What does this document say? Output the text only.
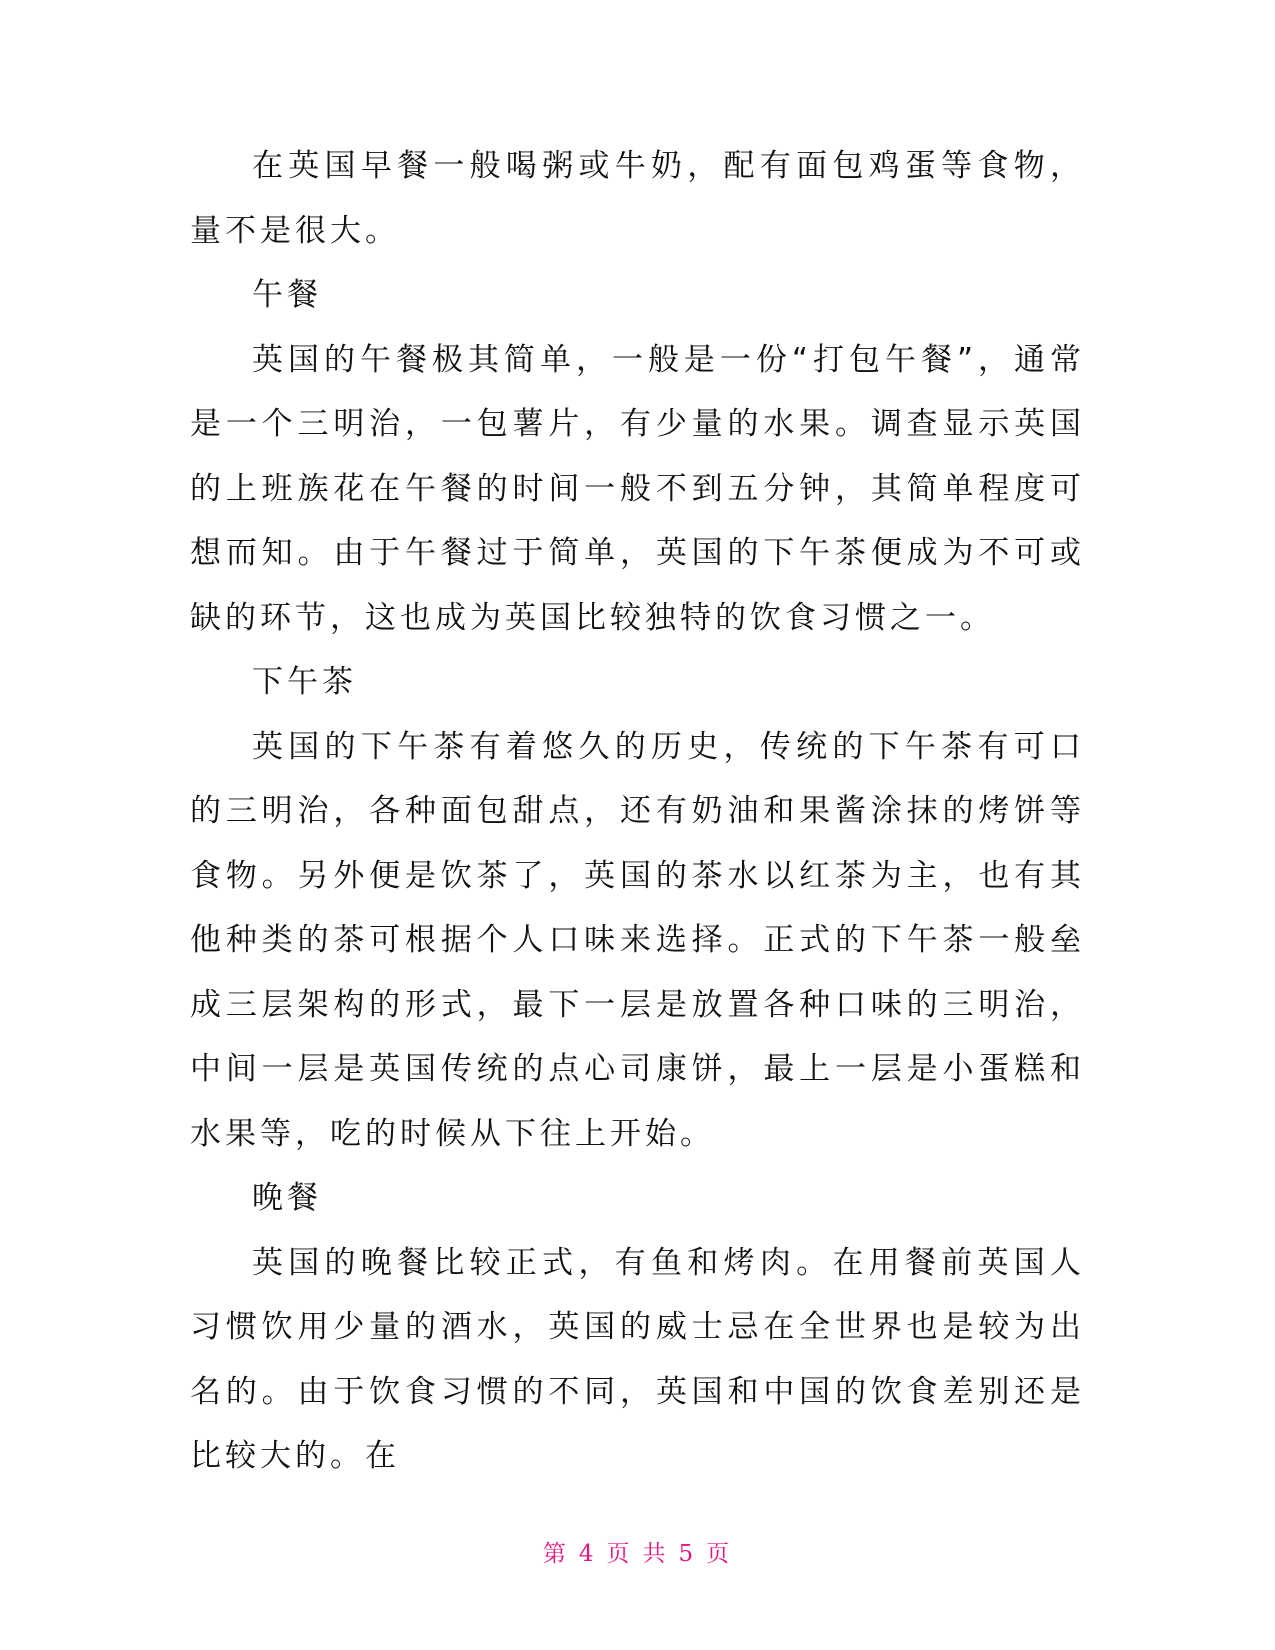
在英国早餐一般喝粥或牛奶，配有面包鸡蛋等食物，量不是很大。

午餐

英国的午餐极其简单，一般是一份“打包午餐”，通常是一个三明治，一包薯片，有少量的水果。调查显示英国的上班族花在午餐的时间一般不到五分钟，其简单程度可想而知。由于午餐过于简单，英国的下午茶便成为不可或缺的环节，这也成为英国比较独特的饮食习惯之一。

下午茶

英国的下午茶有着悠久的历史，传统的下午茶有可口的三明治，各种面包甜点，还有奶油和果酱涂抹的烤饼等食物。另外便是饮茶了，英国的茶水以红茶为主，也有其他种类的茶可根据个人口味来选择。正式的下午茶一般垒成三层架构的形式，最下一层是放置各种口味的三明治，中间一层是英国传统的点心司康饼，最上一层是小蛋糕和水果等，吃的时候从下往上开始。

晚餐

英国的晚餐比较正式，有鱼和烤肉。在用餐前英国人习惯饮用少量的酒水，英国的威士忌在全世界也是较为出名的。由于饮食习惯的不同，英国和中国的饮食差别还是比较大的。在

第 4 页 共 5 页
